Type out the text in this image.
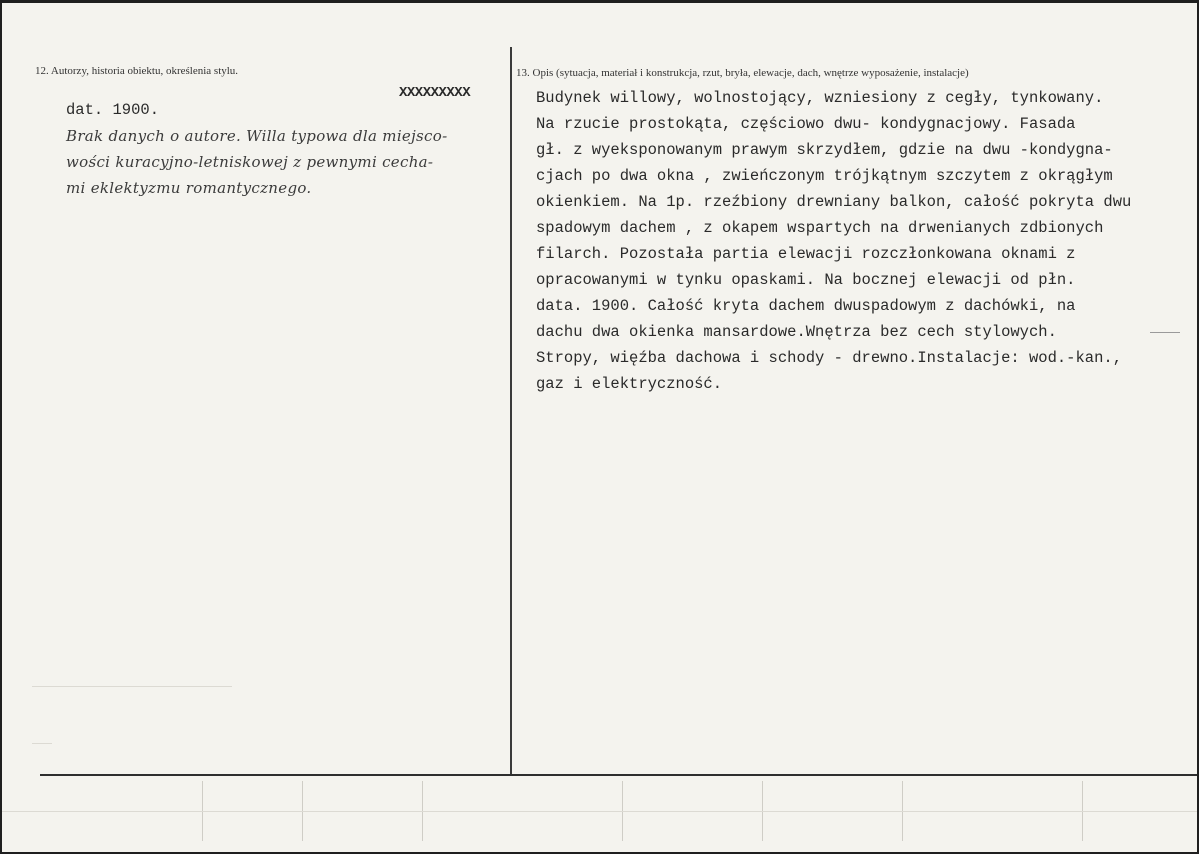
12. Autorzy, historia obiektu, określenia stylu.
XXXXXXXXX
dat. 1900.
Brak danych o autore. Willa typowa dla miejsco-
wości kuracyjno-letniskowej z pewnymi cecha-
mi eklektyzmu romantycznego.
13. Opis (sytuacja, materiał i konstrukcja, rzut, bryła, elewacje, dach, wnętrze wyposażenie, instalacje)
Budynek willowy, wolnostojący, wzniesiony z cegły, tynkowany.
Na rzucie prostokąta, częściowo dwu- kondygnacjowy. Fasada
gł. z wyeksponowanym prawym skrzydłem, gdzie na dwu -kondygna-
cjach po dwa okna , zwieńczonym trójkątnym szczytem z okrągłym
okienkiem. Na 1p. rzeźbiony drewniany balkon, całość pokryta dwu
spadowym dachem , z okapem wspartych na drwenianych zdbionych
filarch. Pozostała partia elewacji rozczłonkowana oknami z
opracowanymi w tynku opaskami. Na bocznej elewacji od płn.
data. 1900. Całość kryta dachem dwuspadowym z dachówki, na
dachu dwa okienka mansardowe.Wnętrza bez cech stylowych.
Stropy, więźba dachowa i schody - drewno.Instalacje: wod.-kan.,
gaz i elektryczność.
